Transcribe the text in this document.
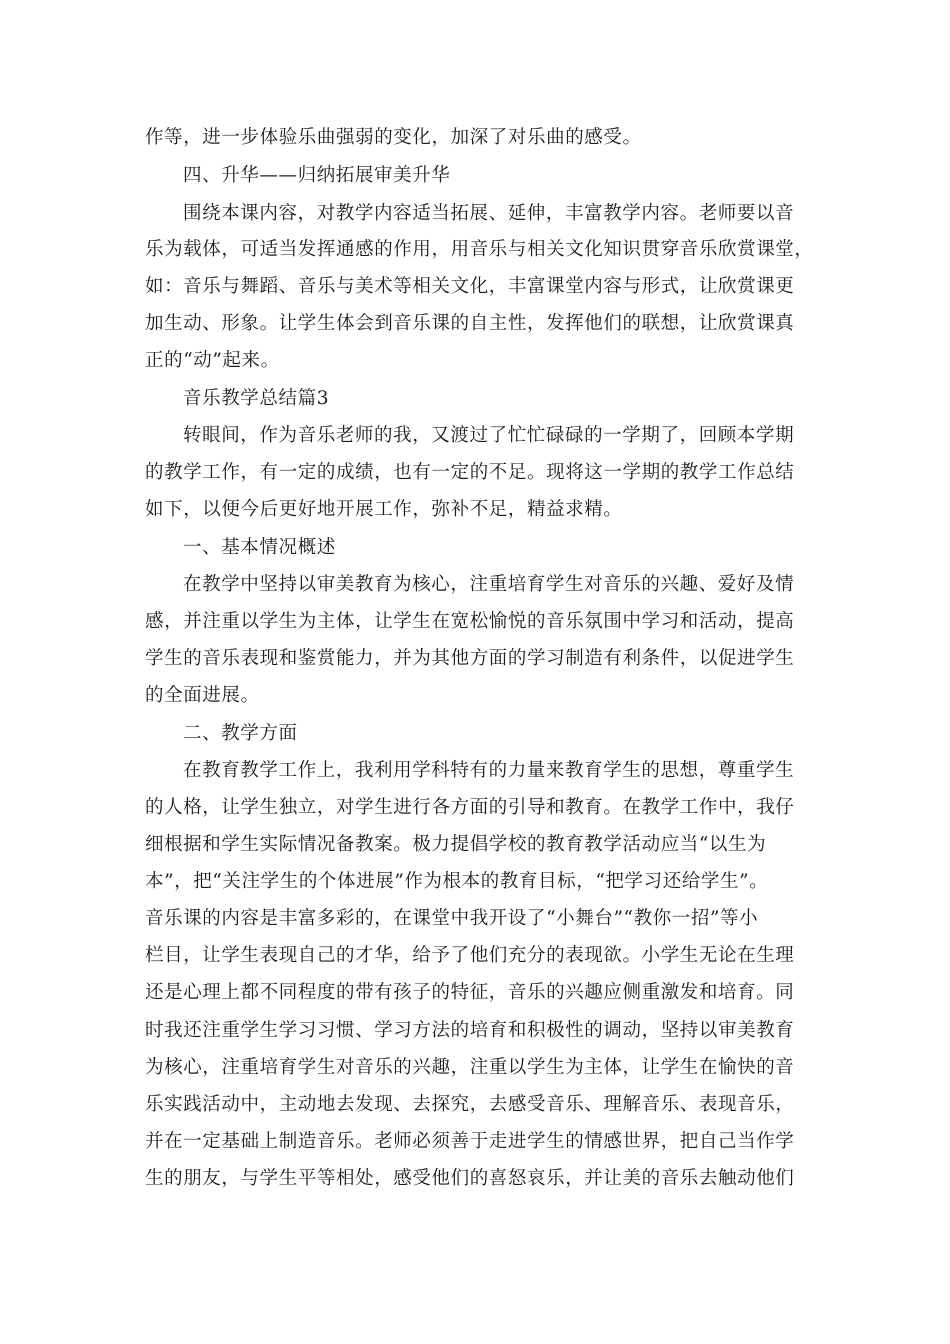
作等，进一步体验乐曲强弱的变化，加深了对乐曲的感受。
四、升华——归纳拓展审美升华
围绕本课内容，对教学内容适当拓展、延伸，丰富教学内容。老师要以音
乐为载体，可适当发挥通感的作用，用音乐与相关文化知识贯穿音乐欣赏课堂，
如：音乐与舞蹈、音乐与美术等相关文化，丰富课堂内容与形式，让欣赏课更
加生动、形象。让学生体会到音乐课的自主性，发挥他们的联想，让欣赏课真
正的“动”起来。
音乐教学总结篇3
转眼间，作为音乐老师的我，又渡过了忙忙碌碌的一学期了，回顾本学期
的教学工作，有一定的成绩，也有一定的不足。现将这一学期的教学工作总结
如下，以便今后更好地开展工作，弥补不足，精益求精。
一、基本情况概述
在教学中坚持以审美教育为核心，注重培育学生对音乐的兴趣、爱好及情
感，并注重以学生为主体，让学生在宽松愉悦的音乐氛围中学习和活动，提高
学生的音乐表现和鉴赏能力，并为其他方面的学习制造有利条件，以促进学生
的全面进展。
二、教学方面
在教育教学工作上，我利用学科特有的力量来教育学生的思想，尊重学生
的人格，让学生独立，对学生进行各方面的引导和教育。在教学工作中，我仔
细根据和学生实际情况备教案。极力提倡学校的教育教学活动应当“以生为
本”，把“关注学生的个体进展”作为根本的教育目标，“把学习还给学生”。
音乐课的内容是丰富多彩的，在课堂中我开设了“小舞台”“教你一招”等小
栏目，让学生表现自己的才华，给予了他们充分的表现欲。小学生无论在生理
还是心理上都不同程度的带有孩子的特征，音乐的兴趣应侧重激发和培育。同
时我还注重学生学习习惯、学习方法的培育和积极性的调动，坚持以审美教育
为核心，注重培育学生对音乐的兴趣，注重以学生为主体，让学生在愉快的音
乐实践活动中，主动地去发现、去探究，去感受音乐、理解音乐、表现音乐，
并在一定基础上制造音乐。老师必须善于走进学生的情感世界，把自己当作学
生的朋友，与学生平等相处，感受他们的喜怒哀乐，并让美的音乐去触动他们
